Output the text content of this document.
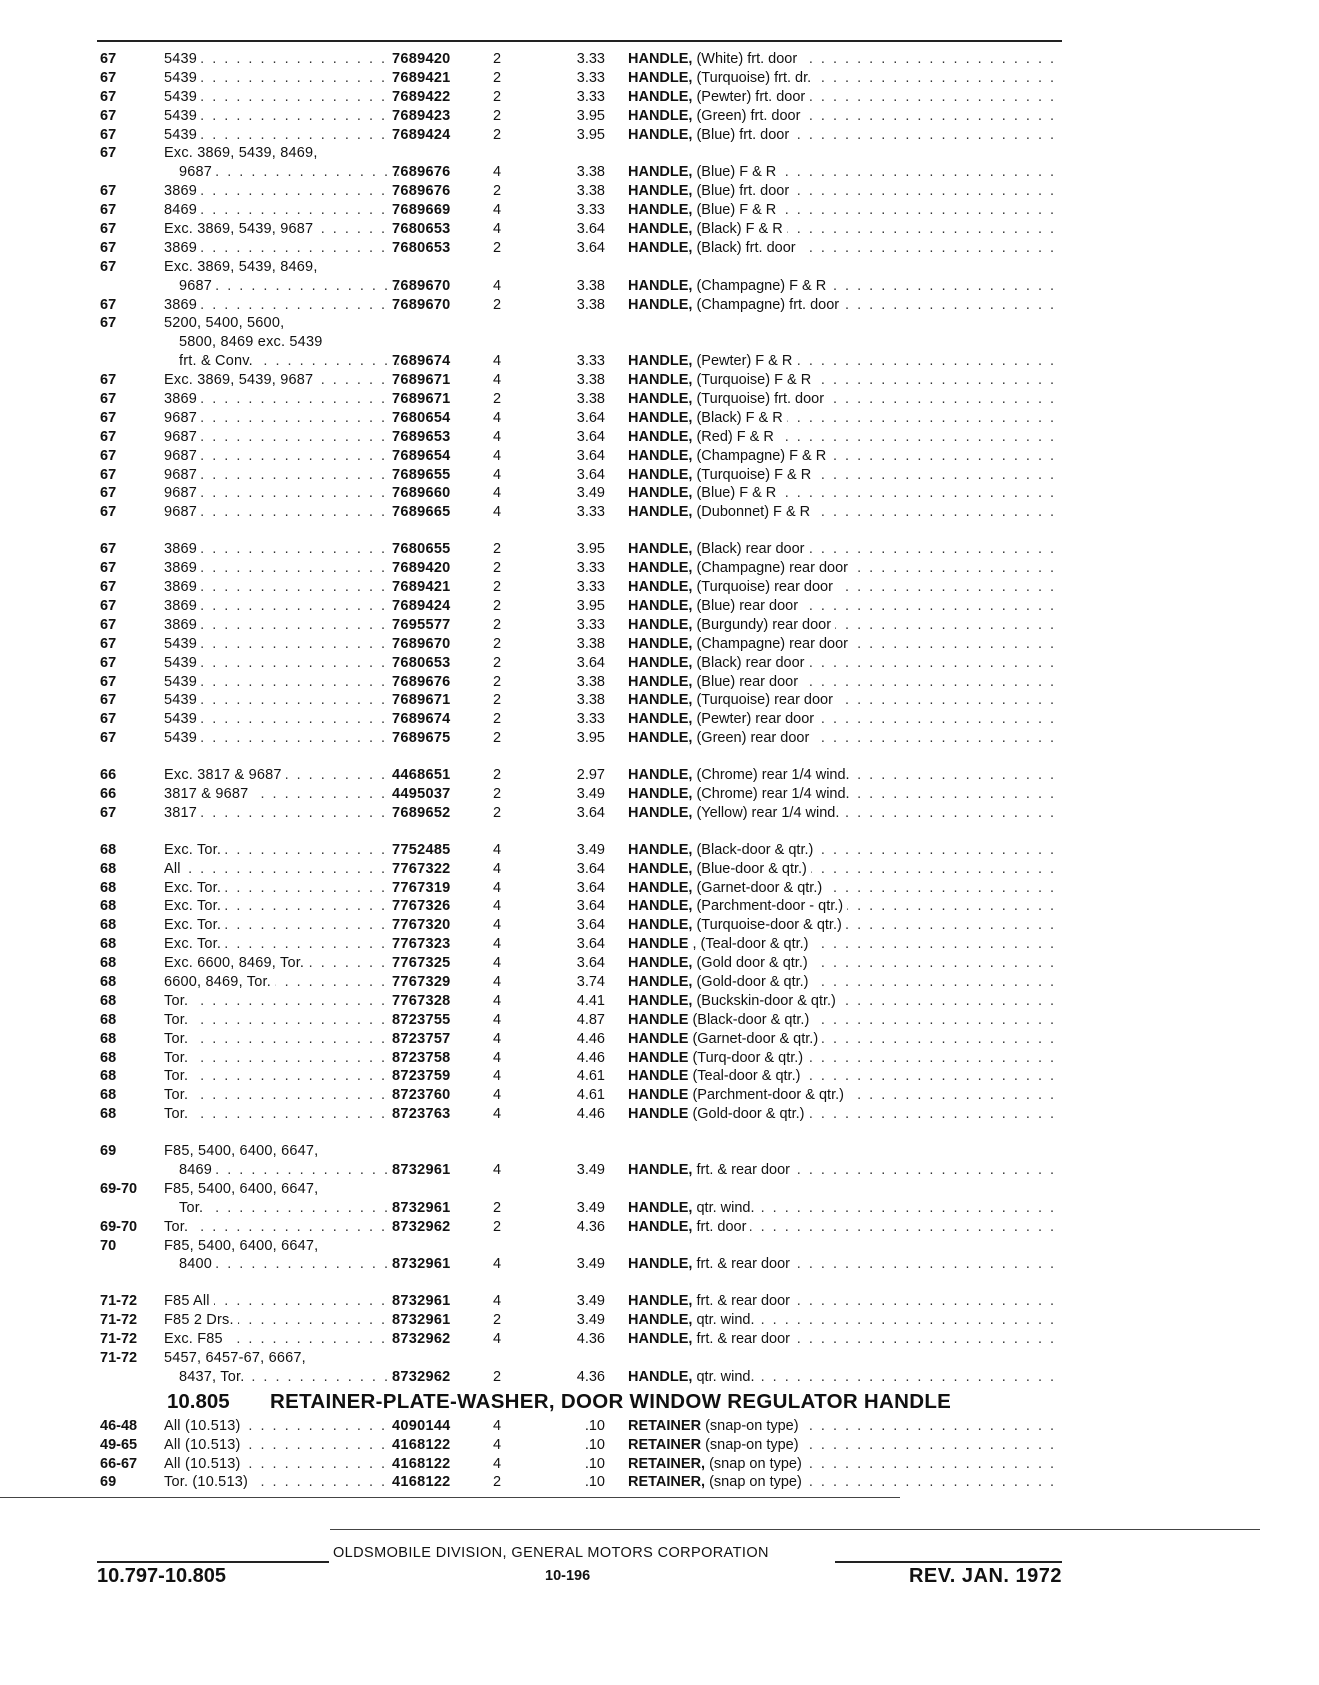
67	5439 . . .	7689420	2	3.33 HANDLE, (White) frt. door
. . .
67	5439 . . .	7689421	2	3.33 HANDLE, (Turquoise) frt. dr.
. . .
67	5439 . . .	7689422	2	3.33 HANDLE, (Pewter) frt. door
. . .
67	5439 . . .	7689423	2	3.95 HANDLE, (Green) frt. door
. . .
67	5439 . . .	7689424	2	3.95 HANDLE, (Blue) frt. door
. . .
67	Exc. 3869, 5439, 8469,
9687 . . .	7689676	4	3.38 HANDLE, (Blue) F & R
. . .
67	3869 . . .	7689676	2	3.38 HANDLE, (Blue) frt. door
. . .
67	8469 . . .	7689669	4	3.33 HANDLE, (Blue) F & R
. . .
67	Exc. 3869, 5439, 9687 . . .	7680653	4	3.64 HANDLE, (Black) F & R
. . .
67	3869 . . .	7680653	2	3.64 HANDLE, (Black) frt. door
. . .
67	Exc. 3869, 5439, 8469,
9687 . . .	7689670	4	3.38 HANDLE, (Champagne) F & R
. . .
67	3869 . . .	7689670	2	3.38 HANDLE, (Champagne) frt. door
. . .
67	5200, 5400, 5600,
5800, 8469 exc. 5439
frt. & Conv. . . .	7689674	4	3.33 HANDLE, (Pewter) F & R
. . .
67	Exc. 3869, 5439, 9687 . . .	7689671	4	3.38 HANDLE, (Turquoise) F & R
. . .
67	3869 . . .	7689671	2	3.38 HANDLE, (Turquoise) frt. door
. . .
67	9687 . . .	7680654	4	3.64 HANDLE, (Black) F & R
. . .
67	9687 . . .	7689653	4	3.64 HANDLE, (Red) F & R
. . .
67	9687 . . .	7689654	4	3.64 HANDLE, (Champagne) F & R
. . .
67	9687 . . .	7689655	4	3.64 HANDLE, (Turquoise) F & R
. . .
67	9687 . . .	7689660	4	3.49 HANDLE, (Blue) F & R
. . .
67	9687 . . .	7689665	4	3.33 HANDLE, (Dubonnet) F & R
. . .
67	3869 . . .	7680655	2	3.95 HANDLE, (Black) rear door
. . .
67	3869 . . .	7689420	2	3.33 HANDLE, (Champagne) rear door
. . .
67	3869 . . .	7689421	2	3.33 HANDLE, (Turquoise) rear door
. . .
67	3869 . . .	7689424	2	3.95 HANDLE, (Blue) rear door
. . .
67	3869 . . .	7695577	2	3.33 HANDLE, (Burgundy) rear door
. . .
67	5439 . . .	7689670	2	3.38 HANDLE, (Champagne) rear door
. . .
67	5439 . . .	7680653	2	3.64 HANDLE, (Black) rear door
. . .
67	5439 . . .	7689676	2	3.38 HANDLE, (Blue) rear door
. . .
67	5439 . . .	7689671	2	3.38 HANDLE, (Turquoise) rear door
. . .
67	5439 . . .	7689674	2	3.33 HANDLE, (Pewter) rear door
. . .
67	5439 . . .	7689675	2	3.95 HANDLE, (Green) rear door
. . .
66	Exc. 3817 & 9687 . . .	4468651	2	2.97 HANDLE, (Chrome) rear 1/4 wind.
. . .
66	3817 & 9687 . . .	4495037	2	3.49 HANDLE, (Chrome) rear 1/4 wind.
. . .
67	3817 . . .	7689652	2	3.64 HANDLE, (Yellow) rear 1/4 wind.
. . .
68	Exc. Tor. . . .	7752485	4	3.49 HANDLE, (Black-door & qtr.)
. . .
68	All . . .	7767322	4	3.64 HANDLE, (Blue-door & qtr.)
. . .
68	Exc. Tor. . . .	7767319	4	3.64 HANDLE, (Garnet-door & qtr.)
. . .
68	Exc. Tor. . . .	7767326	4	3.64 HANDLE, (Parchment-door - qtr.)
. . .
68	Exc. Tor. . . .	7767320	4	3.64 HANDLE, (Turquoise-door & qtr.)
. . .
68	Exc. Tor. . . .	7767323	4	3.64 HANDLE , (Teal-door & qtr.)
. . .
68	Exc. 6600, 8469, Tor. . . .	7767325	4	3.64 HANDLE, (Gold door & qtr.)
. . .
68	6600, 8469, Tor. . . .	7767329	4	3.74 HANDLE, (Gold-door & qtr.)
. . .
68	Tor. . . .	7767328	4	4.41 HANDLE, (Buckskin-door & qtr.)
. . .
68	Tor. . . .	8723755	4	4.87 HANDLE (Black-door & qtr.)
. . .
68	Tor. . . .	8723757	4	4.46 HANDLE (Garnet-door & qtr.)
. . .
68	Tor. . . .	8723758	4	4.46 HANDLE (Turq-door & qtr.)
. . .
68	Tor. . . .	8723759	4	4.61 HANDLE (Teal-door & qtr.)
. . .
68	Tor. . . .	8723760	4	4.61 HANDLE (Parchment-door & qtr.)
. . .
68	Tor. . . .	8723763	4	4.46 HANDLE (Gold-door & qtr.)
. . .
69	F85, 5400, 6400, 6647,
8469 . . .	8732961	4	3.49 HANDLE, frt. & rear door
. . .
69-70 F85, 5400, 6400, 6647,
Tor. . . .	8732961	2	3.49 HANDLE, qtr. wind.
. . .
69-70 Tor. . . .	8732962	2	4.36 HANDLE, frt. door
. . .
70	F85, 5400, 6400, 6647,
8400 . . .	8732961	4	3.49 HANDLE, frt. & rear door
. . .
71-72 F85 All . . .	8732961	4	3.49 HANDLE, frt. & rear door
. . .
71-72 F85 2 Drs. . . .	8732961	2	3.49 HANDLE, qtr. wind.
. . .
71-72 Exc. F85 . . .	8732962	4	4.36 HANDLE, frt. & rear door
. . .
71-72 5457, 6457-67, 6667,
8437, Tor. . . .	8732962	2	4.36 HANDLE, qtr. wind.
. . .
10.805 RETAINER-PLATE-WASHER, DOOR WINDOW REGULATOR HANDLE
46-48 All (10.513) . . .	4090144	4	.10 RETAINER (snap-on type)
. . .
49-65 All (10.513) . . .	4168122	4	.10 RETAINER (snap-on type)
. . .
66-67 All (10.513) . . .	4168122	4	.10 RETAINER, (snap on type)
. . .
69	Tor. (10.513) . . .	4168122	2	.10 RETAINER, (snap on type)
. . .
OLDSMOBILE DIVISION, GENERAL MOTORS CORPORATION
10.797-10.805	10-196	REV. JAN. 1972
